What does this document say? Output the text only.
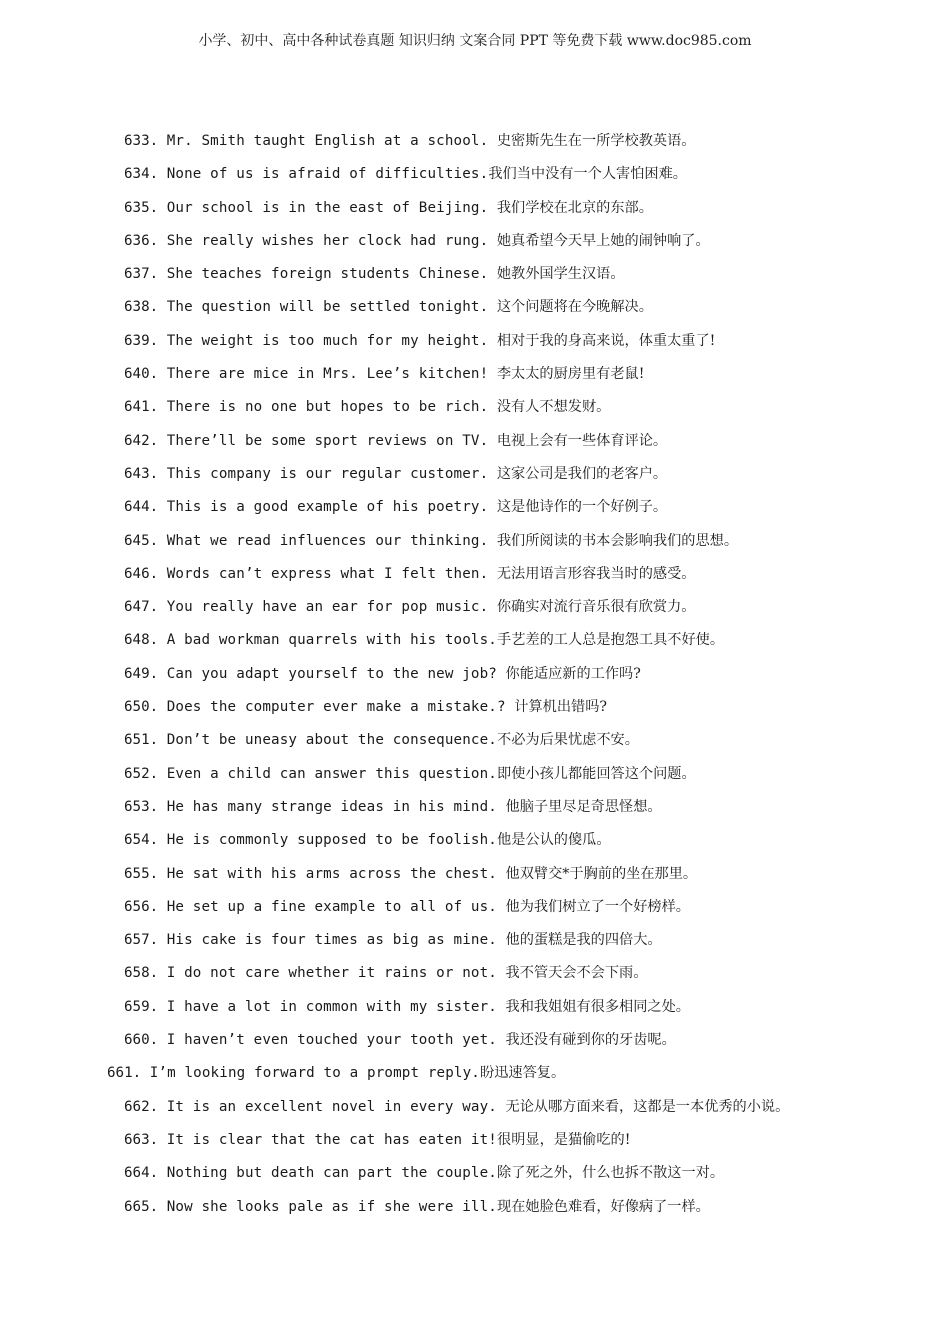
小学、初中、高中各种试卷真题 知识归纳 文案合同 PPT 等免费下载 www.doc985.com
633. Mr. Smith taught English at a school. 史密斯先生在一所学校教英语。
634. None of us is afraid of difficulties.我们当中没有一个人害怕困难。
635. Our school is in the east of Beijing. 我们学校在北京的东部。
636. She really wishes her clock had rung. 她真希望今天早上她的闹钟响了。
637. She teaches foreign students Chinese. 她教外国学生汉语。
638. The question will be settled tonight. 这个问题将在今晚解决。
639. The weight is too much for my height. 相对于我的身高来说，体重太重了!
640. There are mice in Mrs. Lee’s kitchen! 李太太的厨房里有老鼠!
641. There is no one but hopes to be rich. 没有人不想发财。
642. There’ll be some sport reviews on TV. 电视上会有一些体育评论。
643. This company is our regular customer. 这家公司是我们的老客户。
644. This is a good example of his poetry. 这是他诗作的一个好例子。
645. What we read influences our thinking. 我们所阅读的书本会影响我们的思想。
646. Words can’t express what I felt then. 无法用语言形容我当时的感受。
647. You really have an ear for pop music. 你确实对流行音乐很有欣赏力。
648. A bad workman quarrels with his tools.手艺差的工人总是抱怨工具不好使。
649. Can you adapt yourself to the new job? 你能适应新的工作吗?
650. Does the computer ever make a mistake.? 计算机出错吗?
651. Don’t be uneasy about the consequence.不必为后果忧虑不安。
652. Even a child can answer this question.即使小孩儿都能回答这个问题。
653. He has many strange ideas in his mind. 他脑子里尽足奇思怪想。
654. He is commonly supposed to be foolish.他是公认的傻瓜。
655. He sat with his arms across the chest. 他双臂交*于胸前的坐在那里。
656. He set up a fine example to all of us. 他为我们树立了一个好榜样。
657. His cake is four times as big as mine. 他的蛋糕是我的四倍大。
658. I do not care whether it rains or not. 我不管天会不会下雨。
659. I have a lot in common with my sister. 我和我姐姐有很多相同之处。
660. I haven’t even touched your tooth yet. 我还没有碰到你的牙齿呢。
661. I’m looking forward to a prompt reply.盼迅速答复。
662. It is an excellent novel in every way. 无论从哪方面来看，这都是一本优秀的小说。
663. It is clear that the cat has eaten it!很明显，是猫偷吃的!
664. Nothing but death can part the couple.除了死之外，什么也拆不散这一对。
665. Now she looks pale as if she were ill.现在她脸色难看，好像病了一样。
